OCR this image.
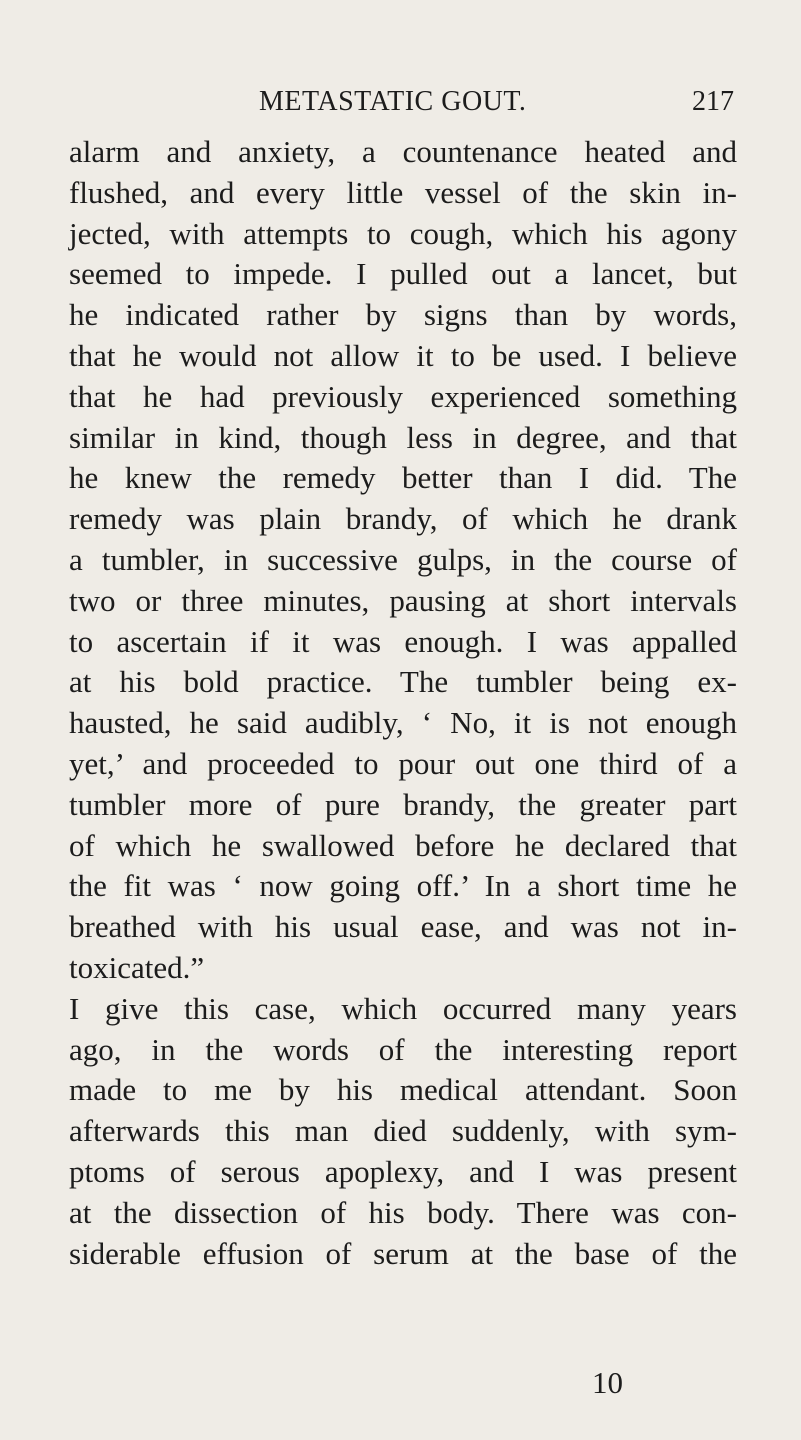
METASTATIC GOUT.	217
alarm and anxiety, a countenance heated and
flushed, and every little vessel of the skin in-
jected, with attempts to cough, which his agony
seemed to impede. I pulled out a lancet, but
he indicated rather by signs than by words,
that he would not allow it to be used. I believe
that he had previously experienced something
similar in kind, though less in degree, and that
he knew the remedy better than I did. The
remedy was plain brandy, of which he drank
a tumbler, in successive gulps, in the course of
two or three minutes, pausing at short intervals
to ascertain if it was enough. I was appalled
at his bold practice. The tumbler being ex-
hausted, he said audibly, ‘ No, it is not enough
yet,’ and proceeded to pour out one third of a
tumbler more of pure brandy, the greater part
of which he swallowed before he declared that
the fit was ‘ now going off.’ In a short time he
breathed with his usual ease, and was not in-
toxicated.”
I give this case, which occurred many years
ago, in the words of the interesting report
made to me by his medical attendant. Soon
afterwards this man died suddenly, with sym-
ptoms of serous apoplexy, and I was present
at the dissection of his body. There was con-
siderable effusion of serum at the base of the
10
